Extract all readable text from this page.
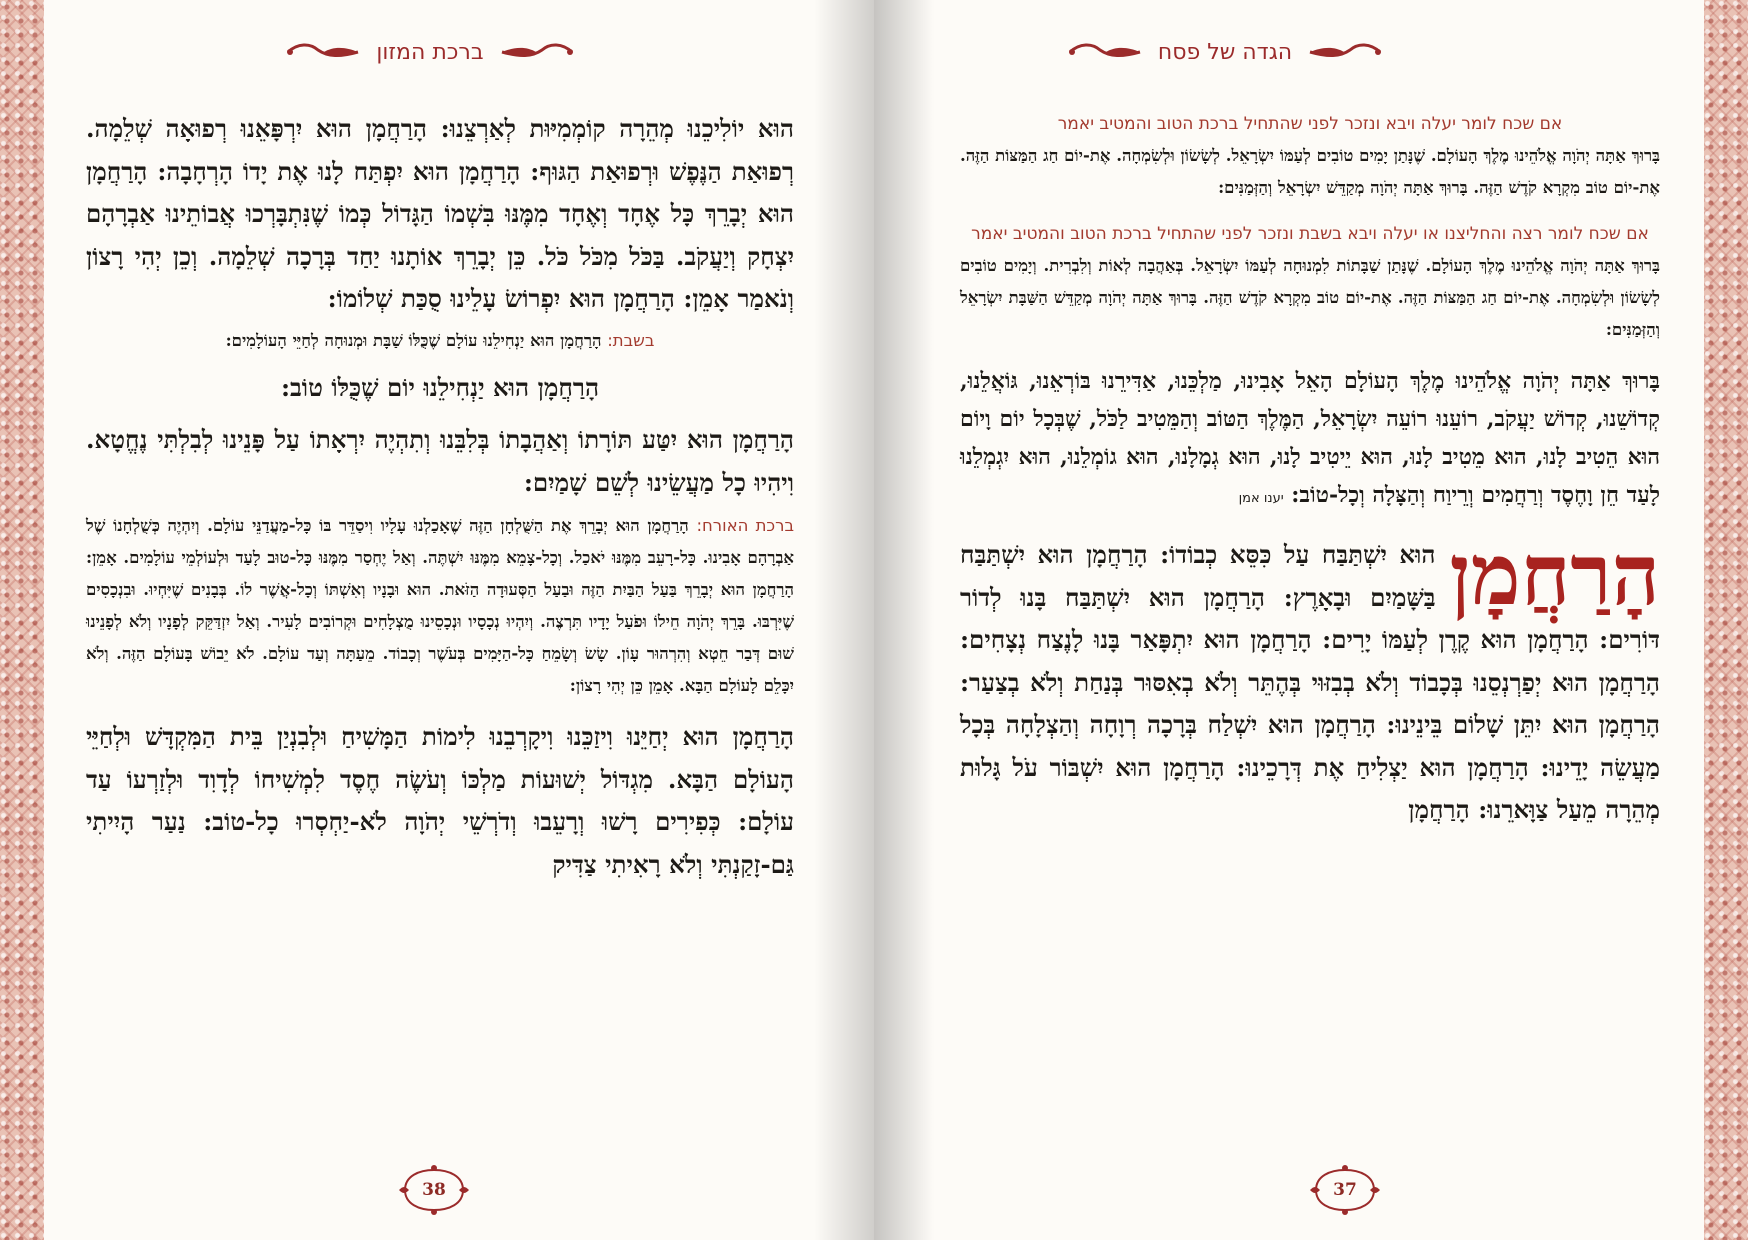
ברכת המזון

הוּא יוֹלִיכֵנוּ מְהֵרָה קוֹמְמִיּוּת לְאַרְצֵנוּ: הָרַחֲמָן הוּא יִרְפָּאֵנוּ רְפוּאָה שְׁלֵמָה. רְפוּאַת הַנֶּפֶשׁ וּרְפוּאַת הַגּוּף: הָרַחֲמָן הוּא יִפְתַּח לָנוּ אֶת יָדוֹ הָרְחָבָה: הָרַחֲמָן הוּא יְבָרֵךְ כָּל אֶחָד וְאֶחָד מִמֶּנּוּ בִּשְׁמוֹ הַגָּדוֹל כְּמוֹ שֶׁנִּתְבָּרְכוּ אֲבוֹתֵינוּ אַבְרָהָם יִצְחָק וְיַעֲקֹב. בַּכֹּל מִכֹּל כֹּל. כֵּן יְבָרֵךְ אוֹתָנוּ יַחַד בְּרָכָה שְׁלֵמָה. וְכֵן יְהִי רָצוֹן וְנֹאמַר אָמֵן: הָרַחֲמָן הוּא יִפְרוֹשׂ עָלֵינוּ סֻכַּת שְׁלוֹמוֹ:

בשבת: הָרַחֲמָן הוּא יַנְחִילֵנוּ עוֹלָם שֶׁכֻּלּוֹ שַׁבָּת וּמְנוּחָה לְחַיֵּי הָעוֹלָמִים:

הָרַחֲמָן הוּא יַנְחִילֵנוּ יוֹם שֶׁכֻּלּוֹ טוֹב:

הָרַחֲמָן הוּא יִטַּע תּוֹרָתוֹ וְאַהֲבָתוֹ בְּלִבֵּנוּ וְתִהְיֶה יִרְאָתוֹ עַל פָּנֵינוּ לְבִלְתִּי נֶחֱטָא. וִיהִיוּ כָל מַעֲשֵׂינוּ לְשֵׁם שָׁמַיִם:

ברכת האורח: הָרַחֲמָן הוּא יְבָרֵךְ אֶת הַשֻּׁלְחָן הַזֶּה שֶׁאָכַלְנוּ עָלָיו וִיסַדֵּר בּוֹ כָּל-מַעֲדַנֵּי עוֹלָם. וְיִהְיֶה כְּשֻׁלְחָנוֹ שֶׁל אַבְרָהָם אָבִינוּ. כָּל-רָעֵב מִמֶּנּוּ יֹאכַל. וְכָל-צָמֵא מִמֶּנּוּ יִשְׁתֶּה. וְאַל יֶחְסַר מִמֶּנּוּ כָּל-טוּב לָעַד וּלְעוֹלְמֵי עוֹלָמִים. אָמֵן: הָרַחֲמָן הוּא יְבָרֵךְ בַּעַל הַבַּיִת הַזֶּה וּבַעַל הַסְּעוּדָה הַזֹּאת. הוּא וּבָנָיו וְאִשְׁתּוֹ וְכָל-אֲשֶׁר לוֹ. בְּבָנִים שֶׁיִּחְיוּ. וּבִנְכָסִים שֶׁיִּרְבּוּ. בָּרֵךְ יְהֹוָה חֵילוֹ וּפֹעַל יָדָיו תִּרְצֶה. וְיִהְיוּ נְכָסָיו וּנְכָסֵינוּ מֻצְלָחִים וּקְרוֹבִים לָעִיר. וְאַל יִזְדַּקֵּק לְפָנָיו וְלֹא לְפָנֵינוּ שׁוּם דְּבַר חֵטְא וְהִרְהוּר עָוֹן. שָׂשׂ וְשָׂמֵחַ כָּל-הַיָּמִים בְּעֹשֶׁר וְכָבוֹד. מֵעַתָּה וְעַד עוֹלָם. לֹא יֵבוֹשׁ בָּעוֹלָם הַזֶּה. וְלֹא יִכָּלֵם לָעוֹלָם הַבָּא. אָמֵן כֵּן יְהִי רָצוֹן:

הָרַחֲמָן הוּא יְחַיֵּנוּ וִיזַכֵּנוּ וִיקָרְבֵנוּ לִימוֹת הַמָּשִׁיחַ וּלְבִנְיַן בֵּית הַמִּקְדָּשׁ וּלְחַיֵּי הָעוֹלָם הַבָּא. מִגְדּוֹל יְשׁוּעוֹת מַלְכּוֹ וְעֹשֶׂה חֶסֶד לִמְשִׁיחוֹ לְדָוִד וּלְזַרְעוֹ עַד עוֹלָם: כְּפִירִים רָשׁוּ וְרָעֵבוּ וְדֹרְשֵׁי יְהֹוָה לֹא-יַחְסְרוּ כָל-טוֹב: נַעַר הָיִיתִי גַּם-זָקַנְתִּי וְלֹא רָאִיתִי צַדִּיק

38
הגדה של פסח

אם שכח לומר יעלה ויבא ונזכר לפני שהתחיל ברכת הטוב והמטיב יאמר

בָּרוּךְ אַתָּה יְהֹוָה אֱלֹהֵינוּ מֶלֶךְ הָעוֹלָם. שֶׁנָּתַן יָמִים טוֹבִים לְעַמּוֹ יִשְׂרָאֵל. לְשָׂשׂוֹן וּלְשִׂמְחָה. אֶת-יוֹם חַג הַמַּצּוֹת הַזֶּה. אֶת-יוֹם טוֹב מִקְרָא קֹדֶשׁ הַזֶּה. בָּרוּךְ אַתָּה יְהֹוָה מְקַדֵּשׁ יִשְׂרָאֵל וְהַזְּמַנִּים:

אם שכח לומר רצה והחליצנו או יעלה ויבא בשבת ונזכר לפני שהתחיל ברכת הטוב והמטיב יאמר

בָּרוּךְ אַתָּה יְהֹוָה אֱלֹהֵינוּ מֶלֶךְ הָעוֹלָם. שֶׁנָּתַן שַׁבָּתוֹת לִמְנוּחָה לְעַמּוֹ יִשְׂרָאֵל. בְּאַהֲבָה לְאוֹת וְלִבְרִית. וְיָמִים טוֹבִים לְשָׂשׂוֹן וּלְשִׂמְחָה. אֶת-יוֹם חַג הַמַּצּוֹת הַזֶּה. אֶת-יוֹם טוֹב מִקְרָא קֹדֶשׁ הַזֶּה. בָּרוּךְ אַתָּה יְהֹוָה מְקַדֵּשׁ הַשַּׁבָּת יִשְׂרָאֵל וְהַזְּמַנִּים:

בָּרוּךְ אַתָּה יְהֹוָה אֱלֹהֵינוּ מֶלֶךְ הָעוֹלָם הָאֵל אָבִינוּ, מַלְכֵּנוּ, אַדִּירֵנוּ בּוֹרְאֵנוּ, גּוֹאֲלֵנוּ, קְדוֹשֵׁנוּ, קְדוֹשׁ יַעֲקֹב, רוֹעֵנוּ רוֹעֵה יִשְׂרָאֵל, הַמֶּלֶךְ הַטּוֹב וְהַמֵּטִיב לַכֹּל, שֶׁבְּכָל יוֹם וָיוֹם הוּא הֵטִיב לָנוּ, הוּא מֵטִיב לָנוּ, הוּא יֵיטִיב לָנוּ, הוּא גְמָלָנוּ, הוּא גוֹמְלֵנוּ, הוּא יִגְמְלֵנוּ לָעַד חֵן וָחֶסֶד וְרַחֲמִים וְרֵיוַח וְהַצָּלָה וְכָל-טוֹב: יענו אמן

הָרַחֲמָן

הוּא יִשְׁתַּבַּח עַל כִּסֵּא כְבוֹדוֹ: הָרַחֲמָן הוּא יִשְׁתַּבַּח בַּשָּׁמַיִם וּבָאָרֶץ: הָרַחֲמָן הוּא יִשְׁתַּבַּח בָּנוּ לְדוֹר דּוֹרִים: הָרַחֲמָן הוּא קֶרֶן לְעַמּוֹ יָרִים: הָרַחֲמָן הוּא יִתְפָּאַר בָּנוּ לָנֶצַח נְצָחִים: הָרַחֲמָן הוּא יְפַרְנְסֵנוּ בְּכָבוֹד וְלֹא בְבִזּוּי בְּהֶתֵּר וְלֹא בְאִסּוּר בְּנַחַת וְלֹא בְצַעַר: הָרַחֲמָן הוּא יִתֵּן שָׁלוֹם בֵּינֵינוּ: הָרַחֲמָן הוּא יִשְׁלַח בְּרָכָה רְוָחָה וְהַצְלָחָה בְּכָל מַעֲשֵׂה יָדֵינוּ: הָרַחֲמָן הוּא יַצְלִיחַ אֶת דְּרָכֵינוּ: הָרַחֲמָן הוּא יִשְׁבּוֹר עֹל גָּלוּת מְהֵרָה מֵעַל צַוָּארֵנוּ: הָרַחֲמָן

37
